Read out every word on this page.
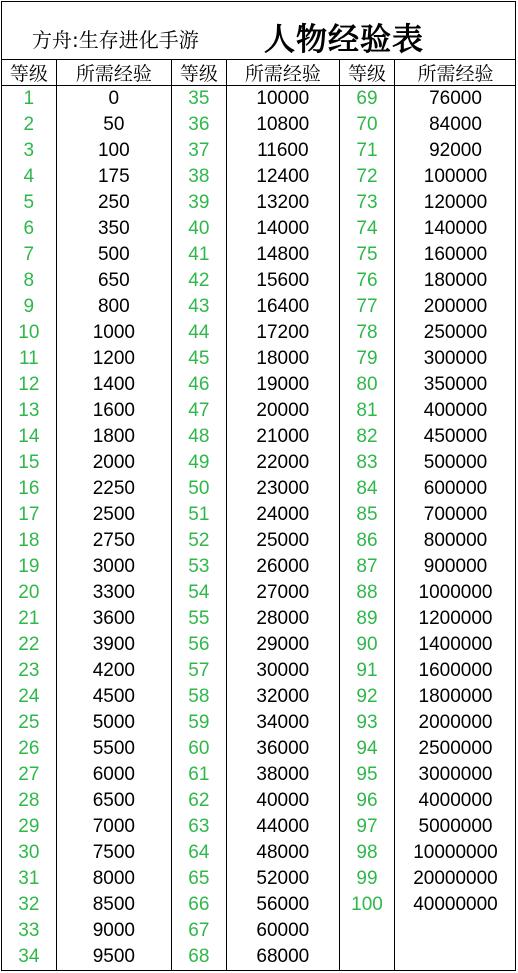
方舟:生存进化手游 人物经验表
等级	所需经验
1	0
2	50
3	100
4	175
5	250
6	350
7	500
8	650
9	800
10	1000
11	1200
12	1400
13	1600
14	1800
15	2000
16	2250
17	2500
18	2750
19	3000
20	3300
21	3600
22	3900
23	4200
24	4500
25	5000
26	5500
27	6000
28	6500
29	7000
30	7500
31	8000
32	8500
33	9000
34	9500
等级	所需经验
35	10000
36	10800
37	11600
38	12400
39	13200
40	14000
41	14800
42	15600
43	16400
44	17200
45	18000
46	19000
47	20000
48	21000
49	22000
50	23000
51	24000
52	25000
53	26000
54	27000
55	28000
56	29000
57	30000
58	32000
59	34000
60	36000
61	38000
62	40000
63	44000
64	48000
65	52000
66	56000
67	60000
68	68000
等级	所需经验
69	76000
70	84000
71	92000
72	100000
73	120000
74	140000
75	160000
76	180000
77	200000
78	250000
79	300000
80	350000
81	400000
82	450000
83	500000
84	600000
85	700000
86	800000
87	900000
88	1000000
89	1200000
90	1400000
91	1600000
92	1800000
93	2000000
94	2500000
95	3000000
96	4000000
97	5000000
98	10000000
99	20000000
100	40000000
